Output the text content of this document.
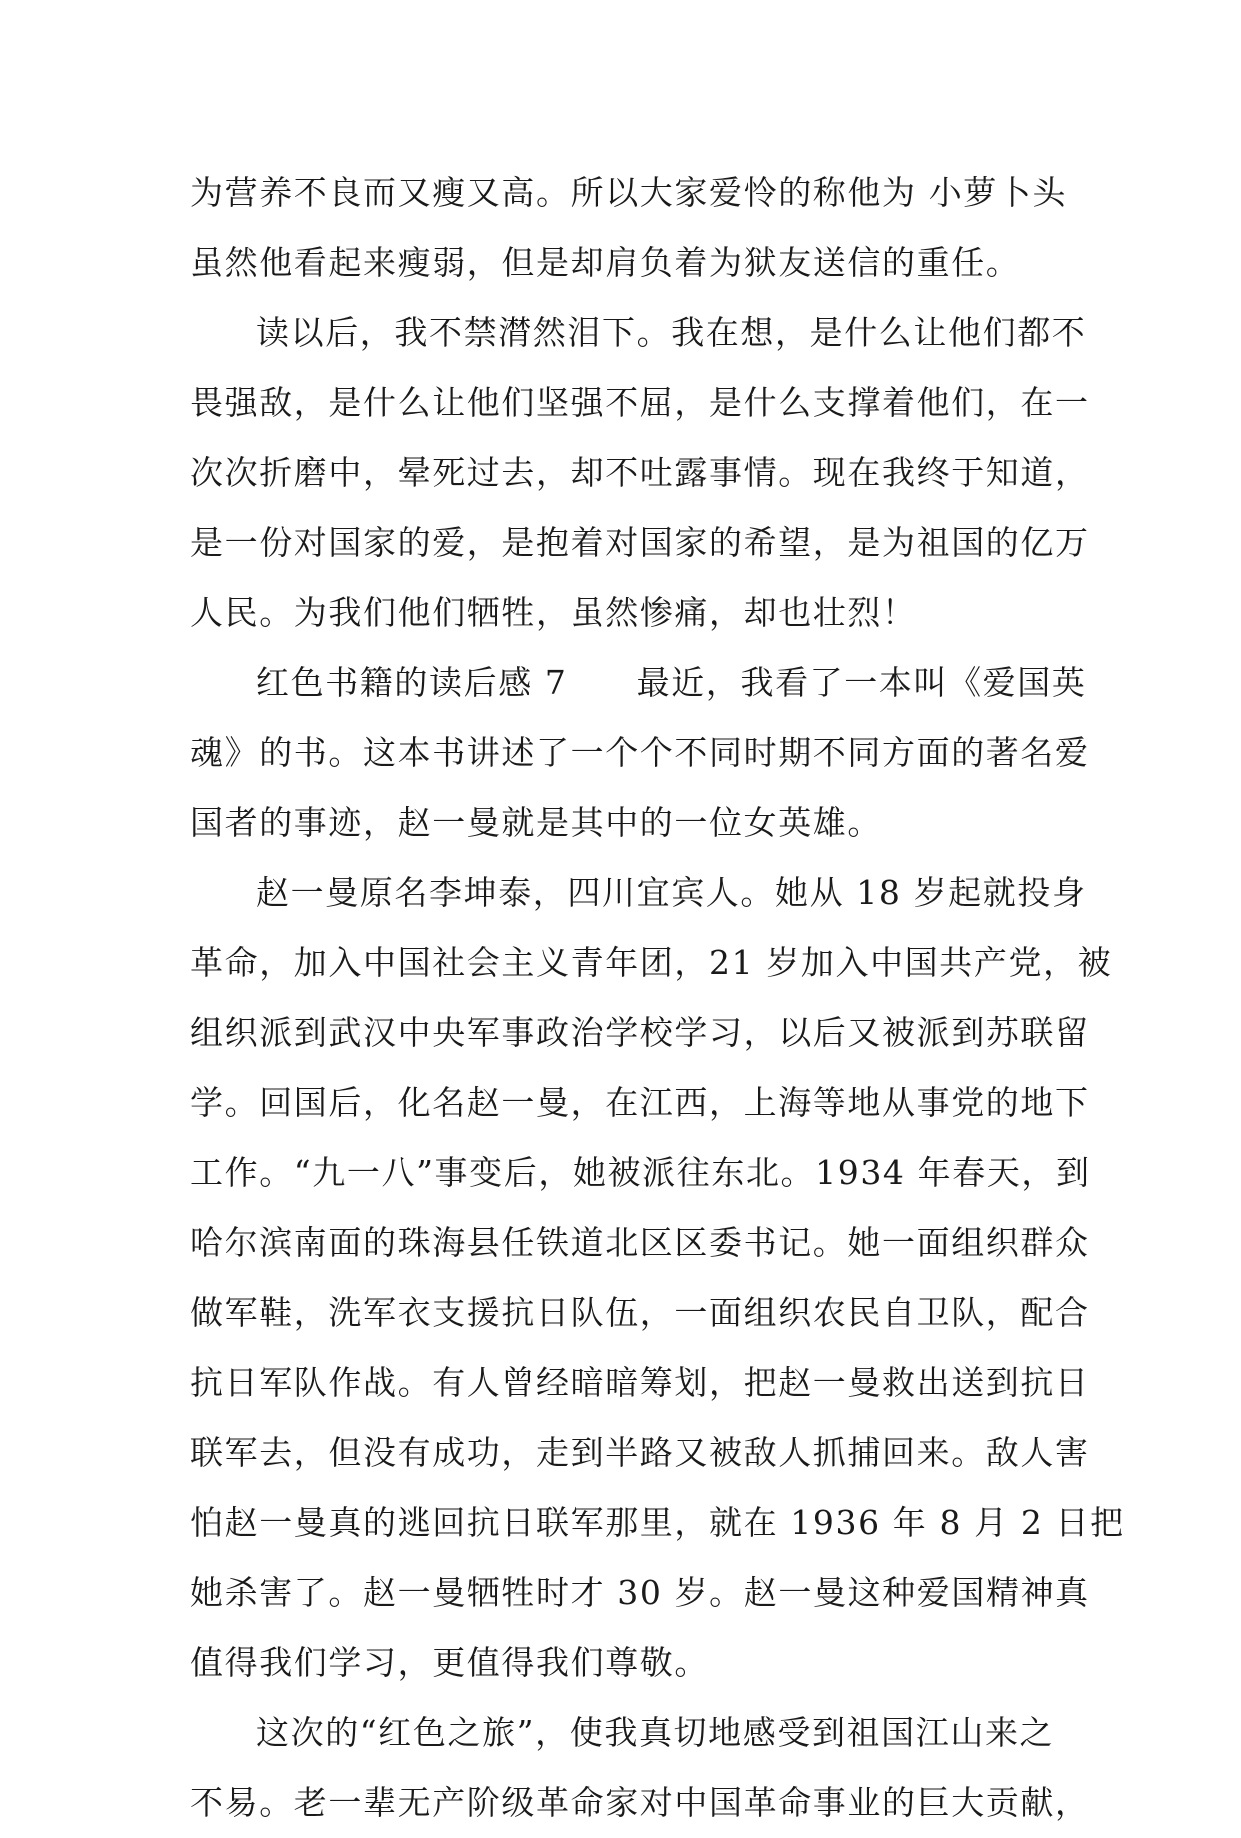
为营养不良而又瘦又高。所以大家爱怜的称他为 小萝卜头
虽然他看起来瘦弱，但是却肩负着为狱友送信的重任。
读以后，我不禁潸然泪下。我在想，是什么让他们都不
畏强敌，是什么让他们坚强不屈，是什么支撑着他们，在一
次次折磨中，晕死过去，却不吐露事情。现在我终于知道，
是一份对国家的爱，是抱着对国家的希望，是为祖国的亿万
人民。为我们他们牺牲，虽然惨痛，却也壮烈！
红色书籍的读后感 7　　最近，我看了一本叫《爱国英
魂》的书。这本书讲述了一个个不同时期不同方面的著名爱
国者的事迹，赵一曼就是其中的一位女英雄。
赵一曼原名李坤泰，四川宜宾人。她从 18 岁起就投身
革命，加入中国社会主义青年团，21 岁加入中国共产党，被
组织派到武汉中央军事政治学校学习，以后又被派到苏联留
学。回国后，化名赵一曼，在江西，上海等地从事党的地下
工作。“九一八”事变后，她被派往东北。1934 年春天，到
哈尔滨南面的珠海县任铁道北区区委书记。她一面组织群众
做军鞋，洗军衣支援抗日队伍，一面组织农民自卫队，配合
抗日军队作战。有人曾经暗暗筹划，把赵一曼救出送到抗日
联军去，但没有成功，走到半路又被敌人抓捕回来。敌人害
怕赵一曼真的逃回抗日联军那里，就在 1936 年 8 月 2 日把
她杀害了。赵一曼牺牲时才 30 岁。赵一曼这种爱国精神真
值得我们学习，更值得我们尊敬。
这次的“红色之旅”，使我真切地感受到祖国江山来之
不易。老一辈无产阶级革命家对中国革命事业的巨大贡献，
